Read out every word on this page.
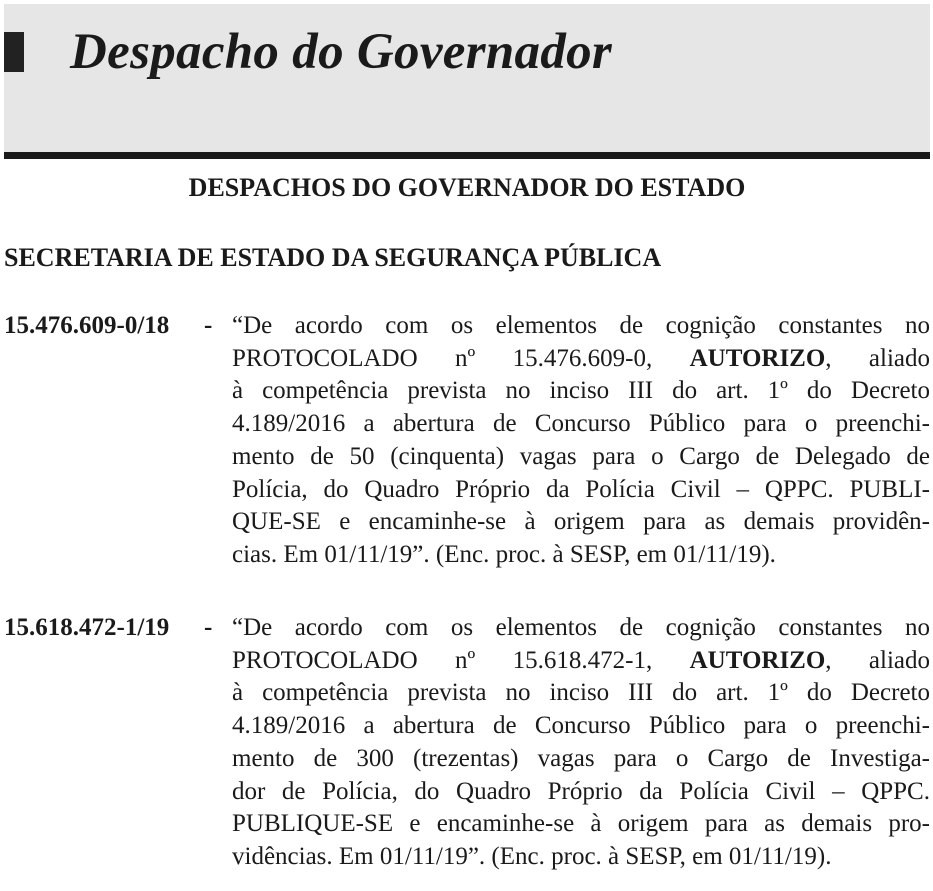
Despacho do Governador
DESPACHOS DO GOVERNADOR DO ESTADO
SECRETARIA DE ESTADO DA SEGURANÇA PÚBLICA
15.476.609-0/18 - “De acordo com os elementos de cognição constantes no
PROTOCOLADO nº 15.476.609-0, AUTORIZO, aliado
à competência prevista no inciso III do art. 1º do Decreto
4.189/2016 a abertura de Concurso Público para o preenchi-
mento de 50 (cinquenta) vagas para o Cargo de Delegado de
Polícia, do Quadro Próprio da Polícia Civil – QPPC. PUBLI-
QUE-SE e encaminhe-se à origem para as demais providên-
cias. Em 01/11/19”. (Enc. proc. à SESP, em 01/11/19).
15.618.472-1/19 - “De acordo com os elementos de cognição constantes no
PROTOCOLADO nº 15.618.472-1, AUTORIZO, aliado
à competência prevista no inciso III do art. 1º do Decreto
4.189/2016 a abertura de Concurso Público para o preenchi-
mento de 300 (trezentas) vagas para o Cargo de Investiga-
dor de Polícia, do Quadro Próprio da Polícia Civil – QPPC.
PUBLIQUE-SE e encaminhe-se à origem para as demais pro-
vidências. Em 01/11/19”. (Enc. proc. à SESP, em 01/11/19).
